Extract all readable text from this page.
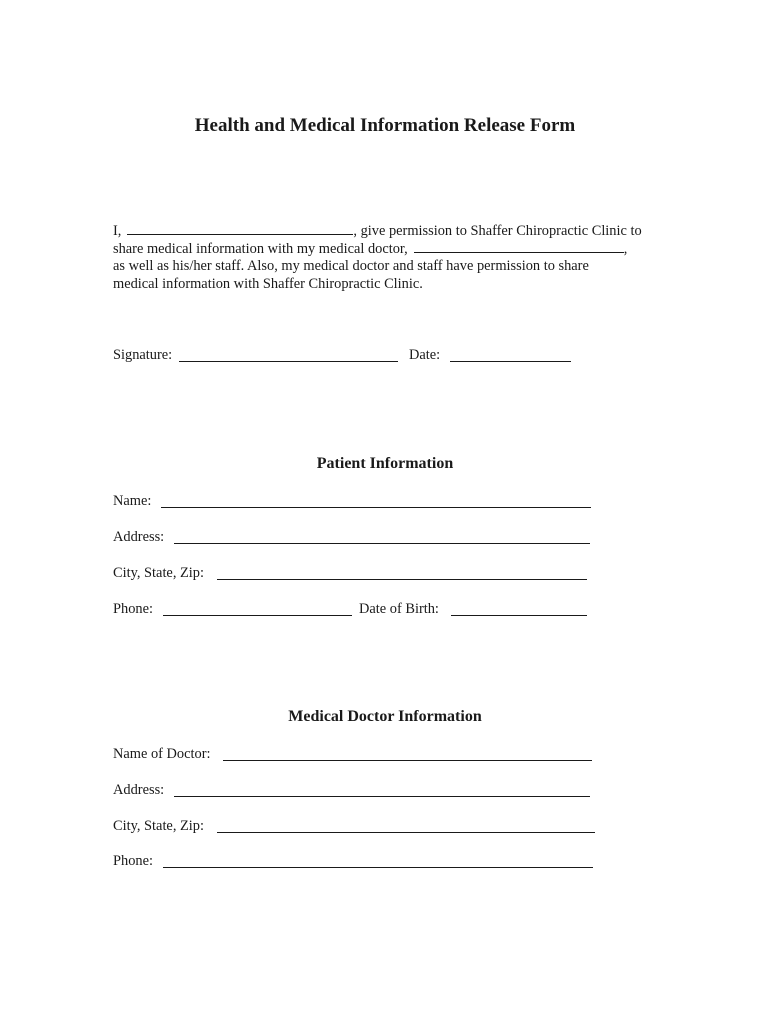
Health and Medical Information Release Form
I,	, give permission to Shaffer Chiropractic Clinic to
share medical information with my medical doctor,	,
as well as his/her staff. Also, my medical doctor and staff have permission to share
medical information with Shaffer Chiropractic Clinic.
Signature:	Date:
Patient Information
Name:
Address:
City, State, Zip:
Phone:	Date of Birth:
Medical Doctor Information
Name of Doctor:
Address:
City, State, Zip:
Phone:
